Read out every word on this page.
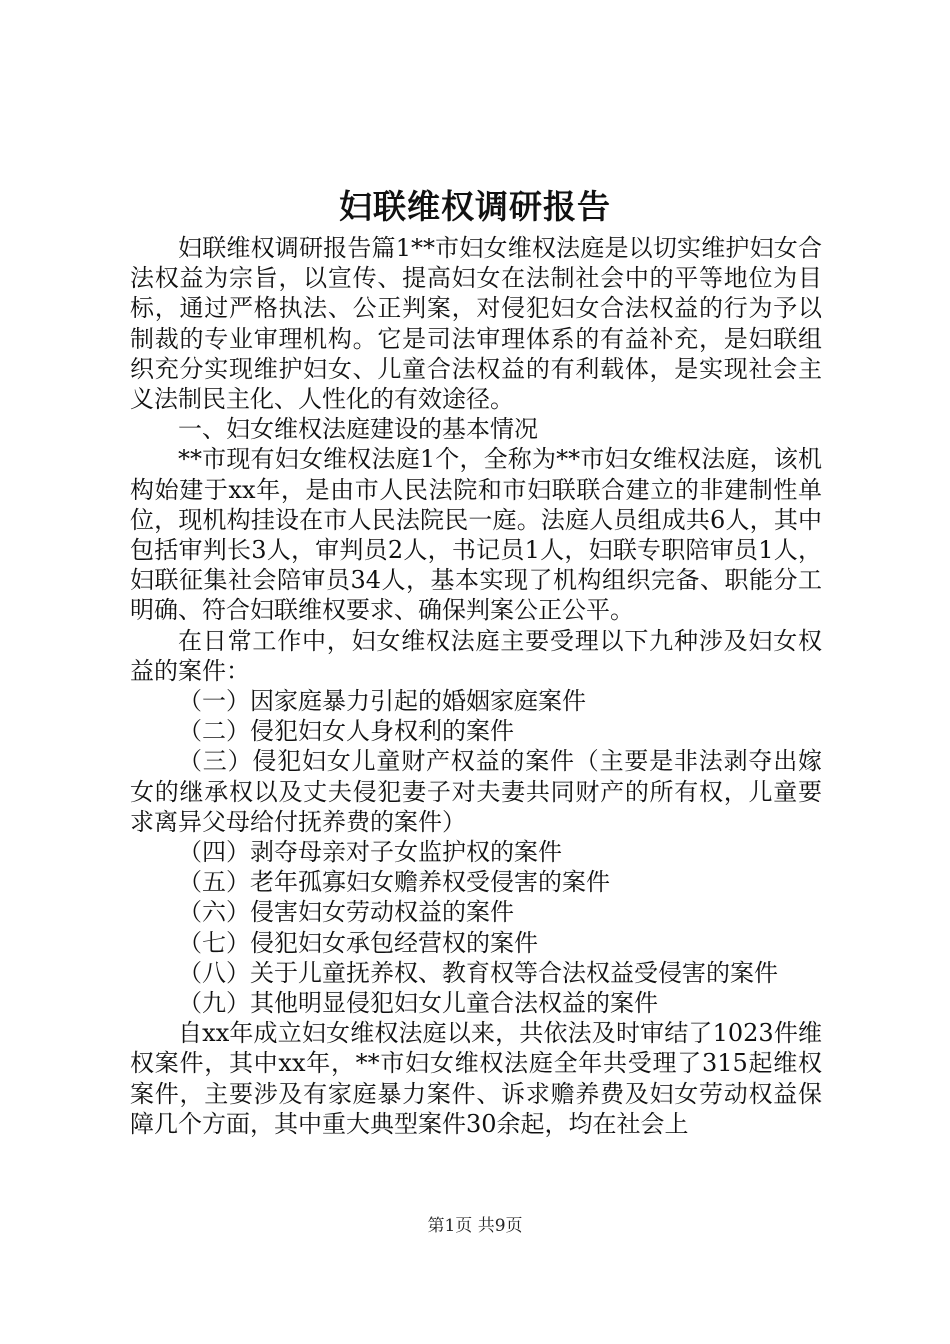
妇联维权调研报告

妇联维权调研报告篇1**市妇女维权法庭是以切实维护妇女合法权益为宗旨，以宣传、提高妇女在法制社会中的平等地位为目标，通过严格执法、公正判案，对侵犯妇女合法权益的行为予以制裁的专业审理机构。它是司法审理体系的有益补充，是妇联组织充分实现维护妇女、儿童合法权益的有利载体，是实现社会主义法制民主化、人性化的有效途径。

一、妇女维权法庭建设的基本情况

**市现有妇女维权法庭1个，全称为**市妇女维权法庭，该机构始建于xx年，是由市人民法院和市妇联联合建立的非建制性单位，现机构挂设在市人民法院民一庭。法庭人员组成共6人，其中包括审判长3人，审判员2人，书记员1人，妇联专职陪审员1人，妇联征集社会陪审员34人，基本实现了机构组织完备、职能分工明确、符合妇联维权要求、确保判案公正公平。

在日常工作中，妇女维权法庭主要受理以下九种涉及妇女权益的案件：

（一）因家庭暴力引起的婚姻家庭案件

（二）侵犯妇女人身权利的案件

（三）侵犯妇女儿童财产权益的案件（主要是非法剥夺出嫁女的继承权以及丈夫侵犯妻子对夫妻共同财产的所有权，儿童要求离异父母给付抚养费的案件）

（四）剥夺母亲对子女监护权的案件

（五）老年孤寡妇女赡养权受侵害的案件

（六）侵害妇女劳动权益的案件

（七）侵犯妇女承包经营权的案件

（八）关于儿童抚养权、教育权等合法权益受侵害的案件

（九）其他明显侵犯妇女儿童合法权益的案件

自xx年成立妇女维权法庭以来，共依法及时审结了1023件维权案件，其中xx年，**市妇女维权法庭全年共受理了315起维权案件，主要涉及有家庭暴力案件、诉求赡养费及妇女劳动权益保障几个方面，其中重大典型案件30余起，均在社会上

第1页 共9页
